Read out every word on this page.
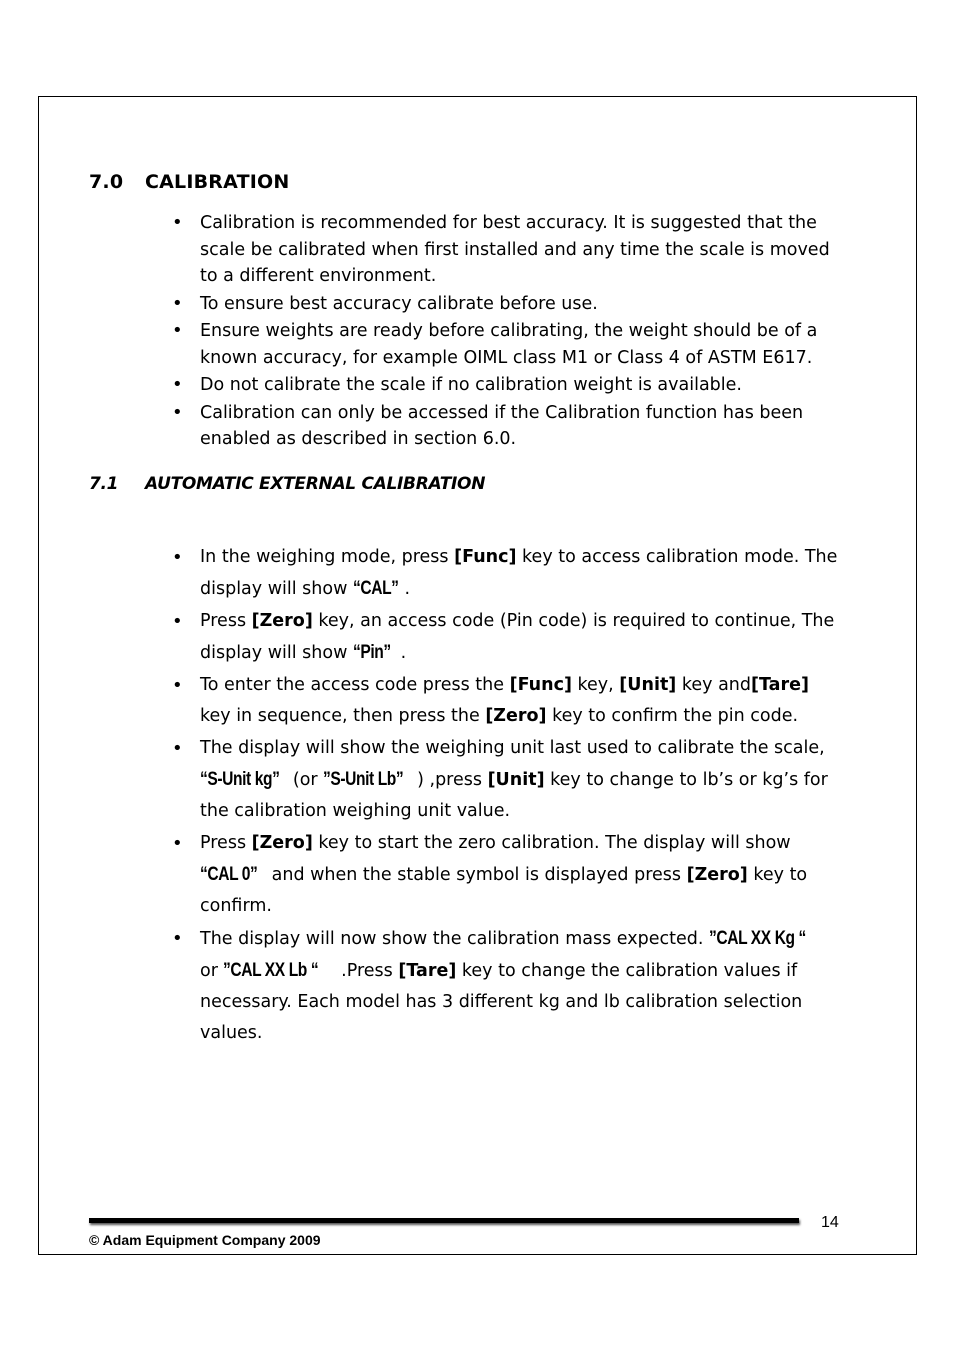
7.0 CALIBRATION
• Calibration is recommended for best accuracy. It is suggested that the scale be calibrated when first installed and any time the scale is moved to a different environment.
• To ensure best accuracy calibrate before use.
• Ensure weights are ready before calibrating, the weight should be of a known accuracy, for example OIML class M1 or Class 4 of ASTM E617.
• Do not calibrate the scale if no calibration weight is available.
• Calibration can only be accessed if the Calibration function has been enabled as described in section 6.0.
7.1 AUTOMATIC EXTERNAL CALIBRATION
• In the weighing mode, press [Func] key to access calibration mode. The display will show “CAL” .
• Press [Zero] key, an access code (Pin code) is required to continue, The display will show “Pin” .
• To enter the access code press the [Func] key, [Unit] key and[Tare] key in sequence, then press the [Zero] key to confirm the pin code.
• The display will show the weighing unit last used to calibrate the scale, “S-Unit kg” (or ”S-Unit Lb” ) ,press [Unit] key to change to lb’s or kg’s for the calibration weighing unit value.
• Press [Zero] key to start the zero calibration. The display will show “CAL 0” and when the stable symbol is displayed press [Zero] key to confirm.
• The display will now show the calibration mass expected. ”CAL XX Kg “ or ”CAL XX Lb “ .Press [Tare] key to change the calibration values if necessary. Each model has 3 different kg and lb calibration selection values.
14
© Adam Equipment Company 2009
